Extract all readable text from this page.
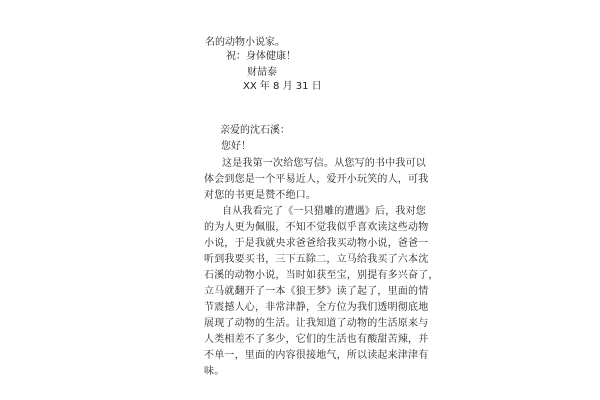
名的动物小说家。
祝：身体健康！
财喆泰
XX 年 8 月 31 日
亲爱的沈石溪：
您好！
这是我第一次给您写信。从您写的书中我可以
体会到您是一个平易近人，爱开小玩笑的人，可我
对您的书更是赞不绝口。
自从我看完了《一只猎雕的遭遇》后，我对您
的为人更为佩服，不知不觉我似乎喜欢读这些动物
小说，于是我就央求爸爸给我买动物小说，爸爸一
听到我要买书，三下五除二，立马给我买了六本沈
石溪的动物小说，当时如获至宝，别提有多兴奋了，
立马就翻开了一本《狼王梦》读了起了，里面的情
节震撼人心，非常津静，全方位为我们透明彻底地
展现了动物的生活。让我知道了动物的生活原来与
人类相差不了多少，它们的生活也有酸甜苦辣，并
不单一，里面的内容很接地气，所以读起来津津有
味。
